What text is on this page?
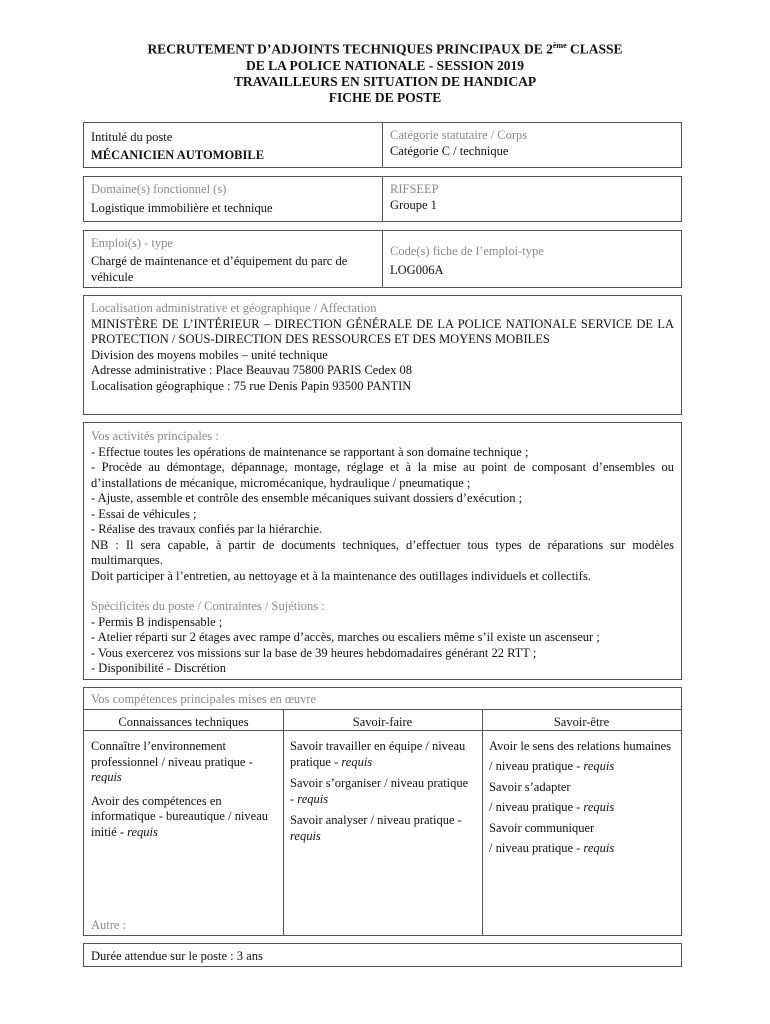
RECRUTEMENT D’ADJOINTS TECHNIQUES PRINCIPAUX DE 2ème CLASSE
DE LA POLICE NATIONALE - SESSION 2019
TRAVAILLEURS EN SITUATION DE HANDICAP
FICHE DE POSTE
Intitulé du poste
MÉCANICIEN AUTOMOBILE
Catégorie statutaire / Corps
Catégorie C / technique
Domaine(s) fonctionnel (s)
Logistique immobilière et technique
RIFSEEP
Groupe 1
Emploi(s) - type
Chargé de maintenance et d’équipement du parc de véhicule
Code(s) fiche de l’emploi-type
LOG006A
Localisation administrative et géographique / Affectation
MINISTÈRE DE L’INTÉRIEUR – DIRECTION GÉNÉRALE DE LA POLICE NATIONALE SERVICE DE LA PROTECTION / SOUS-DIRECTION DES RESSOURCES ET DES MOYENS MOBILES
Division des moyens mobiles – unité technique
Adresse administrative : Place Beauvau 75800 PARIS Cedex 08
Localisation géographique : 75 rue Denis Papin 93500 PANTIN
Vos activités principales :
- Effectue toutes les opérations de maintenance se rapportant à son domaine technique ;
- Procède au démontage, dépannage, montage, réglage et à la mise au point de composant d’ensembles ou d’installations de mécanique, micromécanique, hydraulique / pneumatique ;
- Ajuste, assemble et contrôle des ensemble mécaniques suivant dossiers d’exécution ;
- Essai de véhicules ;
- Réalise des travaux confiés par la hiérarchie.
NB : Il sera capable, à partir de documents techniques, d’effectuer tous types de réparations sur modèles multimarques.
Doit participer à l’entretien, au nettoyage et à la maintenance des outillages individuels et collectifs.
Spécificités du poste / Contraintes / Sujétions :
- Permis B indispensable ;
- Atelier réparti sur 2 étages avec rampe d’accès, marches ou escaliers même s’il existe un ascenseur ;
- Vous exercerez vos missions sur la base de 39 heures hebdomadaires générant 22 RTT ;
- Disponibilité - Discrétion
Vos compétences principales mises en œuvre
Connaissances techniques	Savoir-faire	Savoir-être
Connaître l’environnement professionnel / niveau pratique - requis
Avoir des compétences en informatique - bureautique / niveau initié - requis
Autre :
Savoir travailler en équipe / niveau pratique - requis
Savoir s’organiser / niveau pratique - requis
Savoir analyser / niveau pratique - requis
Avoir le sens des relations humaines
/ niveau pratique - requis
Savoir s’adapter
/ niveau pratique - requis
Savoir communiquer
/ niveau pratique - requis
Durée attendue sur le poste : 3 ans
